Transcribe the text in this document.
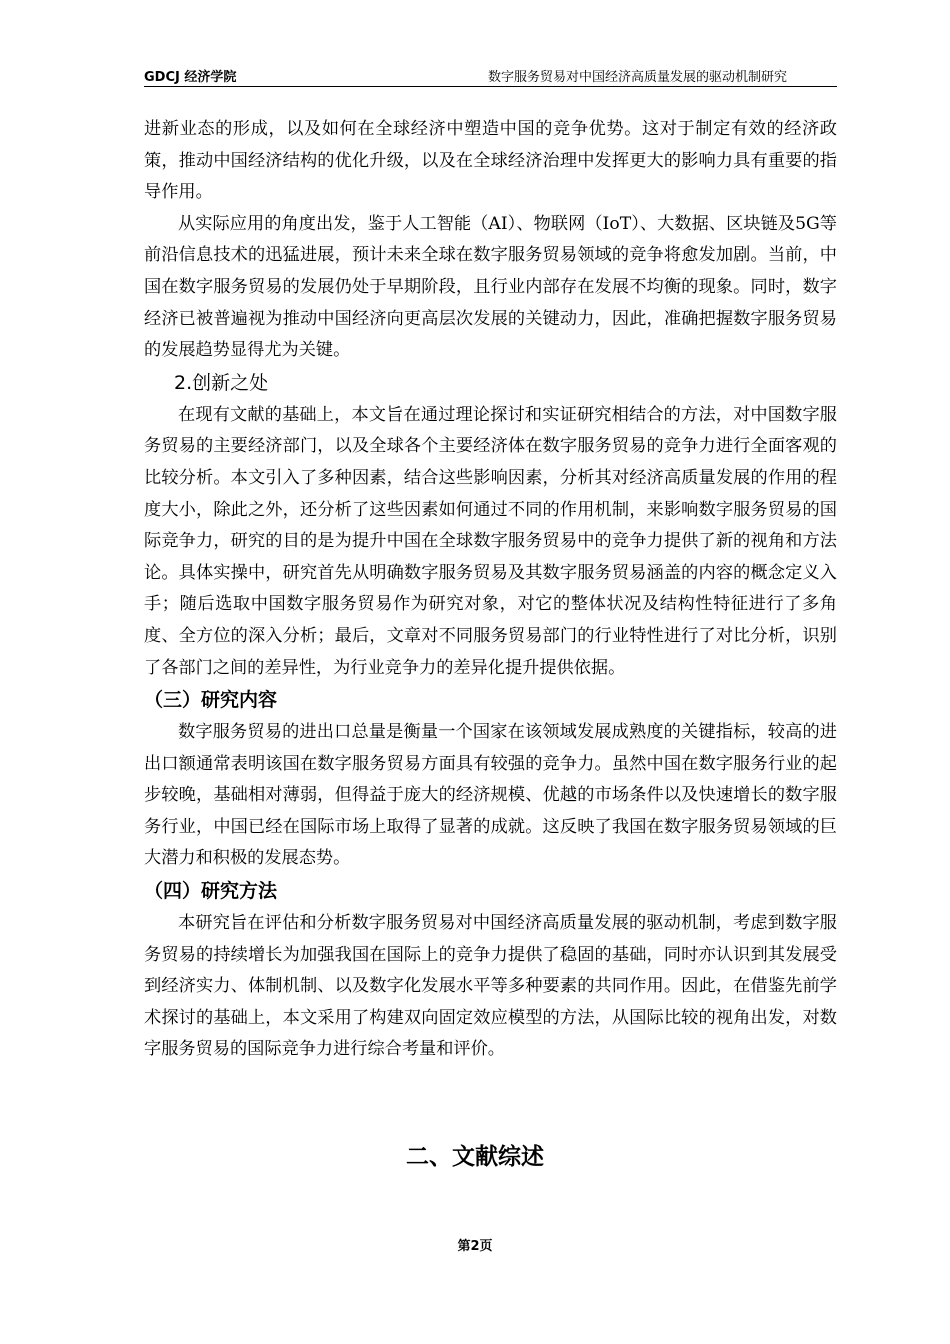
GDCJ 经济学院	数字服务贸易对中国经济高质量发展的驱动机制研究

进新业态的形成，以及如何在全球经济中塑造中国的竞争优势。这对于制定有效的经济政策，推动中国经济结构的优化升级，以及在全球经济治理中发挥更大的影响力具有重要的指导作用。

从实际应用的角度出发，鉴于人工智能（AI）、物联网（IoT）、大数据、区块链及5G等前沿信息技术的迅猛进展，预计未来全球在数字服务贸易领域的竞争将愈发加剧。当前，中国在数字服务贸易的发展仍处于早期阶段，且行业内部存在发展不均衡的现象。同时，数字经济已被普遍视为推动中国经济向更高层次发展的关键动力，因此，准确把握数字服务贸易的发展趋势显得尤为关键。

2.创新之处

在现有文献的基础上，本文旨在通过理论探讨和实证研究相结合的方法，对中国数字服务贸易的主要经济部门，以及全球各个主要经济体在数字服务贸易的竞争力进行全面客观的比较分析。本文引入了多种因素，结合这些影响因素，分析其对经济高质量发展的作用的程度大小，除此之外，还分析了这些因素如何通过不同的作用机制，来影响数字服务贸易的国际竞争力，研究的目的是为提升中国在全球数字服务贸易中的竞争力提供了新的视角和方法论。具体实操中，研究首先从明确数字服务贸易及其数字服务贸易涵盖的内容的概念定义入手；随后选取中国数字服务贸易作为研究对象，对它的整体状况及结构性特征进行了多角度、全方位的深入分析；最后，文章对不同服务贸易部门的行业特性进行了对比分析，识别了各部门之间的差异性，为行业竞争力的差异化提升提供依据。

（三）研究内容

数字服务贸易的进出口总量是衡量一个国家在该领域发展成熟度的关键指标，较高的进出口额通常表明该国在数字服务贸易方面具有较强的竞争力。虽然中国在数字服务行业的起步较晚，基础相对薄弱，但得益于庞大的经济规模、优越的市场条件以及快速增长的数字服务行业，中国已经在国际市场上取得了显著的成就。这反映了我国在数字服务贸易领域的巨大潜力和积极的发展态势。

（四）研究方法

本研究旨在评估和分析数字服务贸易对中国经济高质量发展的驱动机制，考虑到数字服务贸易的持续增长为加强我国在国际上的竞争力提供了稳固的基础，同时亦认识到其发展受到经济实力、体制机制、以及数字化发展水平等多种要素的共同作用。因此，在借鉴先前学术探讨的基础上，本文采用了构建双向固定效应模型的方法，从国际比较的视角出发，对数字服务贸易的国际竞争力进行综合考量和评价。

二、文献综述
第2页
